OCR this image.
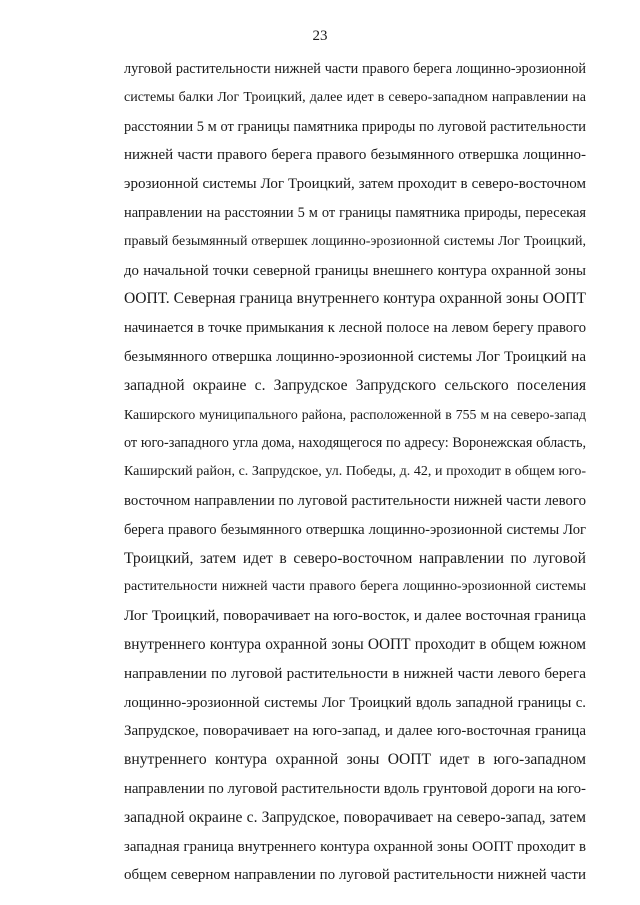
23
луговой растительности нижней части правого берега лощинно-эрозионной
системы балки Лог Троицкий, далее идет в северо-западном направлении на
расстоянии 5 м от границы памятника природы по луговой растительности
нижней части правого берега правого безымянного отвершка лощинно-
эрозионной системы Лог Троицкий, затем проходит в северо-восточном
направлении на расстоянии 5 м от границы памятника природы, пересекая
правый безымянный отвершек лощинно-эрозионной системы Лог Троицкий,
до начальной точки северной границы внешнего контура охранной зоны
ООПТ. Северная граница внутреннего контура охранной зоны ООПТ
начинается в точке примыкания к лесной полосе на левом берегу правого
безымянного отвершка лощинно-эрозионной системы Лог Троицкий на
западной окраине с. Запрудское Запрудского сельского поселения
Каширского муниципального района, расположенной в 755 м на северо-запад
от юго-западного угла дома, находящегося по адресу: Воронежская область,
Каширский район, с. Запрудское, ул. Победы, д. 42, и проходит в общем юго-
восточном направлении по луговой растительности нижней части левого
берега правого безымянного отвершка лощинно-эрозионной системы Лог
Троицкий, затем идет в северо-восточном направлении по луговой
растительности нижней части правого берега лощинно-эрозионной системы
Лог Троицкий, поворачивает на юго-восток, и далее восточная граница
внутреннего контура охранной зоны ООПТ проходит в общем южном
направлении по луговой растительности в нижней части левого берега
лощинно-эрозионной системы Лог Троицкий вдоль западной границы с.
Запрудское, поворачивает на юго-запад, и далее юго-восточная граница
внутреннего контура охранной зоны ООПТ идет в юго-западном
направлении по луговой растительности вдоль грунтовой дороги на юго-
западной окраине с. Запрудское, поворачивает на северо-запад, затем
западная граница внутреннего контура охранной зоны ООПТ проходит в
общем северном направлении по луговой растительности нижней части
